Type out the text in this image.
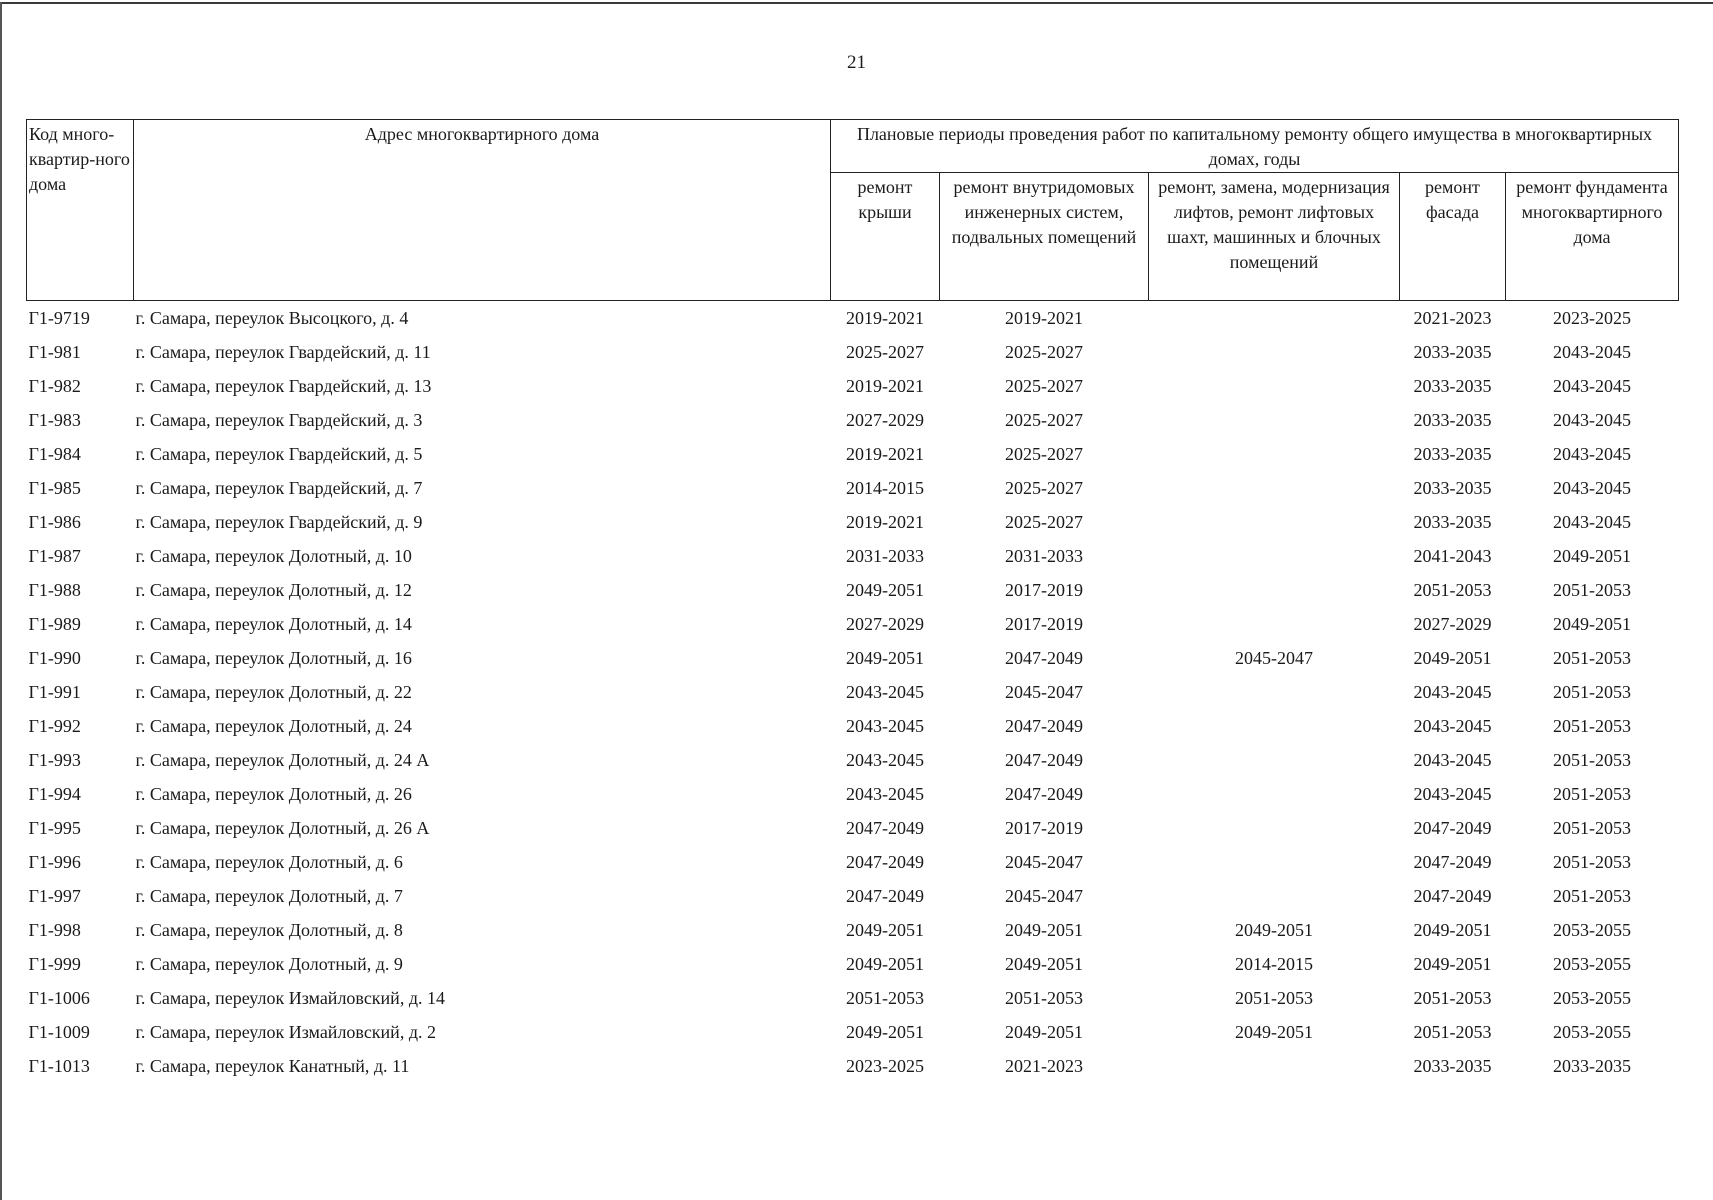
21
Код много-квартир-ного дома	Адрес многоквартирного дома	Плановые периоды проведения работ по капитальному ремонту общего имущества в многоквартирных домах, годы				
		ремонт крыши	ремонт внутридомовых инженерных систем, подвальных помещений	ремонт, замена, модернизация лифтов, ремонт лифтовых шахт, машинных и блочных помещений	ремонт фасада	ремонт фундамента многоквартирного дома
Г1-9719	г. Самара, переулок Высоцкого, д. 4	2019-2021	2019-2021		2021-2023	2023-2025
Г1-981	г. Самара, переулок Гвардейский, д. 11	2025-2027	2025-2027		2033-2035	2043-2045
Г1-982	г. Самара, переулок Гвардейский, д. 13	2019-2021	2025-2027		2033-2035	2043-2045
Г1-983	г. Самара, переулок Гвардейский, д. 3	2027-2029	2025-2027		2033-2035	2043-2045
Г1-984	г. Самара, переулок Гвардейский, д. 5	2019-2021	2025-2027		2033-2035	2043-2045
Г1-985	г. Самара, переулок Гвардейский, д. 7	2014-2015	2025-2027		2033-2035	2043-2045
Г1-986	г. Самара, переулок Гвардейский, д. 9	2019-2021	2025-2027		2033-2035	2043-2045
Г1-987	г. Самара, переулок Долотный, д. 10	2031-2033	2031-2033		2041-2043	2049-2051
Г1-988	г. Самара, переулок Долотный, д. 12	2049-2051	2017-2019		2051-2053	2051-2053
Г1-989	г. Самара, переулок Долотный, д. 14	2027-2029	2017-2019		2027-2029	2049-2051
Г1-990	г. Самара, переулок Долотный, д. 16	2049-2051	2047-2049	2045-2047	2049-2051	2051-2053
Г1-991	г. Самара, переулок Долотный, д. 22	2043-2045	2045-2047		2043-2045	2051-2053
Г1-992	г. Самара, переулок Долотный, д. 24	2043-2045	2047-2049		2043-2045	2051-2053
Г1-993	г. Самара, переулок Долотный, д. 24 А	2043-2045	2047-2049		2043-2045	2051-2053
Г1-994	г. Самара, переулок Долотный, д. 26	2043-2045	2047-2049		2043-2045	2051-2053
Г1-995	г. Самара, переулок Долотный, д. 26 А	2047-2049	2017-2019		2047-2049	2051-2053
Г1-996	г. Самара, переулок Долотный, д. 6	2047-2049	2045-2047		2047-2049	2051-2053
Г1-997	г. Самара, переулок Долотный, д. 7	2047-2049	2045-2047		2047-2049	2051-2053
Г1-998	г. Самара, переулок Долотный, д. 8	2049-2051	2049-2051	2049-2051	2049-2051	2053-2055
Г1-999	г. Самара, переулок Долотный, д. 9	2049-2051	2049-2051	2014-2015	2049-2051	2053-2055
Г1-1006	г. Самара, переулок Измайловский, д. 14	2051-2053	2051-2053	2051-2053	2051-2053	2053-2055
Г1-1009	г. Самара, переулок Измайловский, д. 2	2049-2051	2049-2051	2049-2051	2051-2053	2053-2055
Г1-1013	г. Самара, переулок Канатный, д. 11	2023-2025	2021-2023		2033-2035	2033-2035
